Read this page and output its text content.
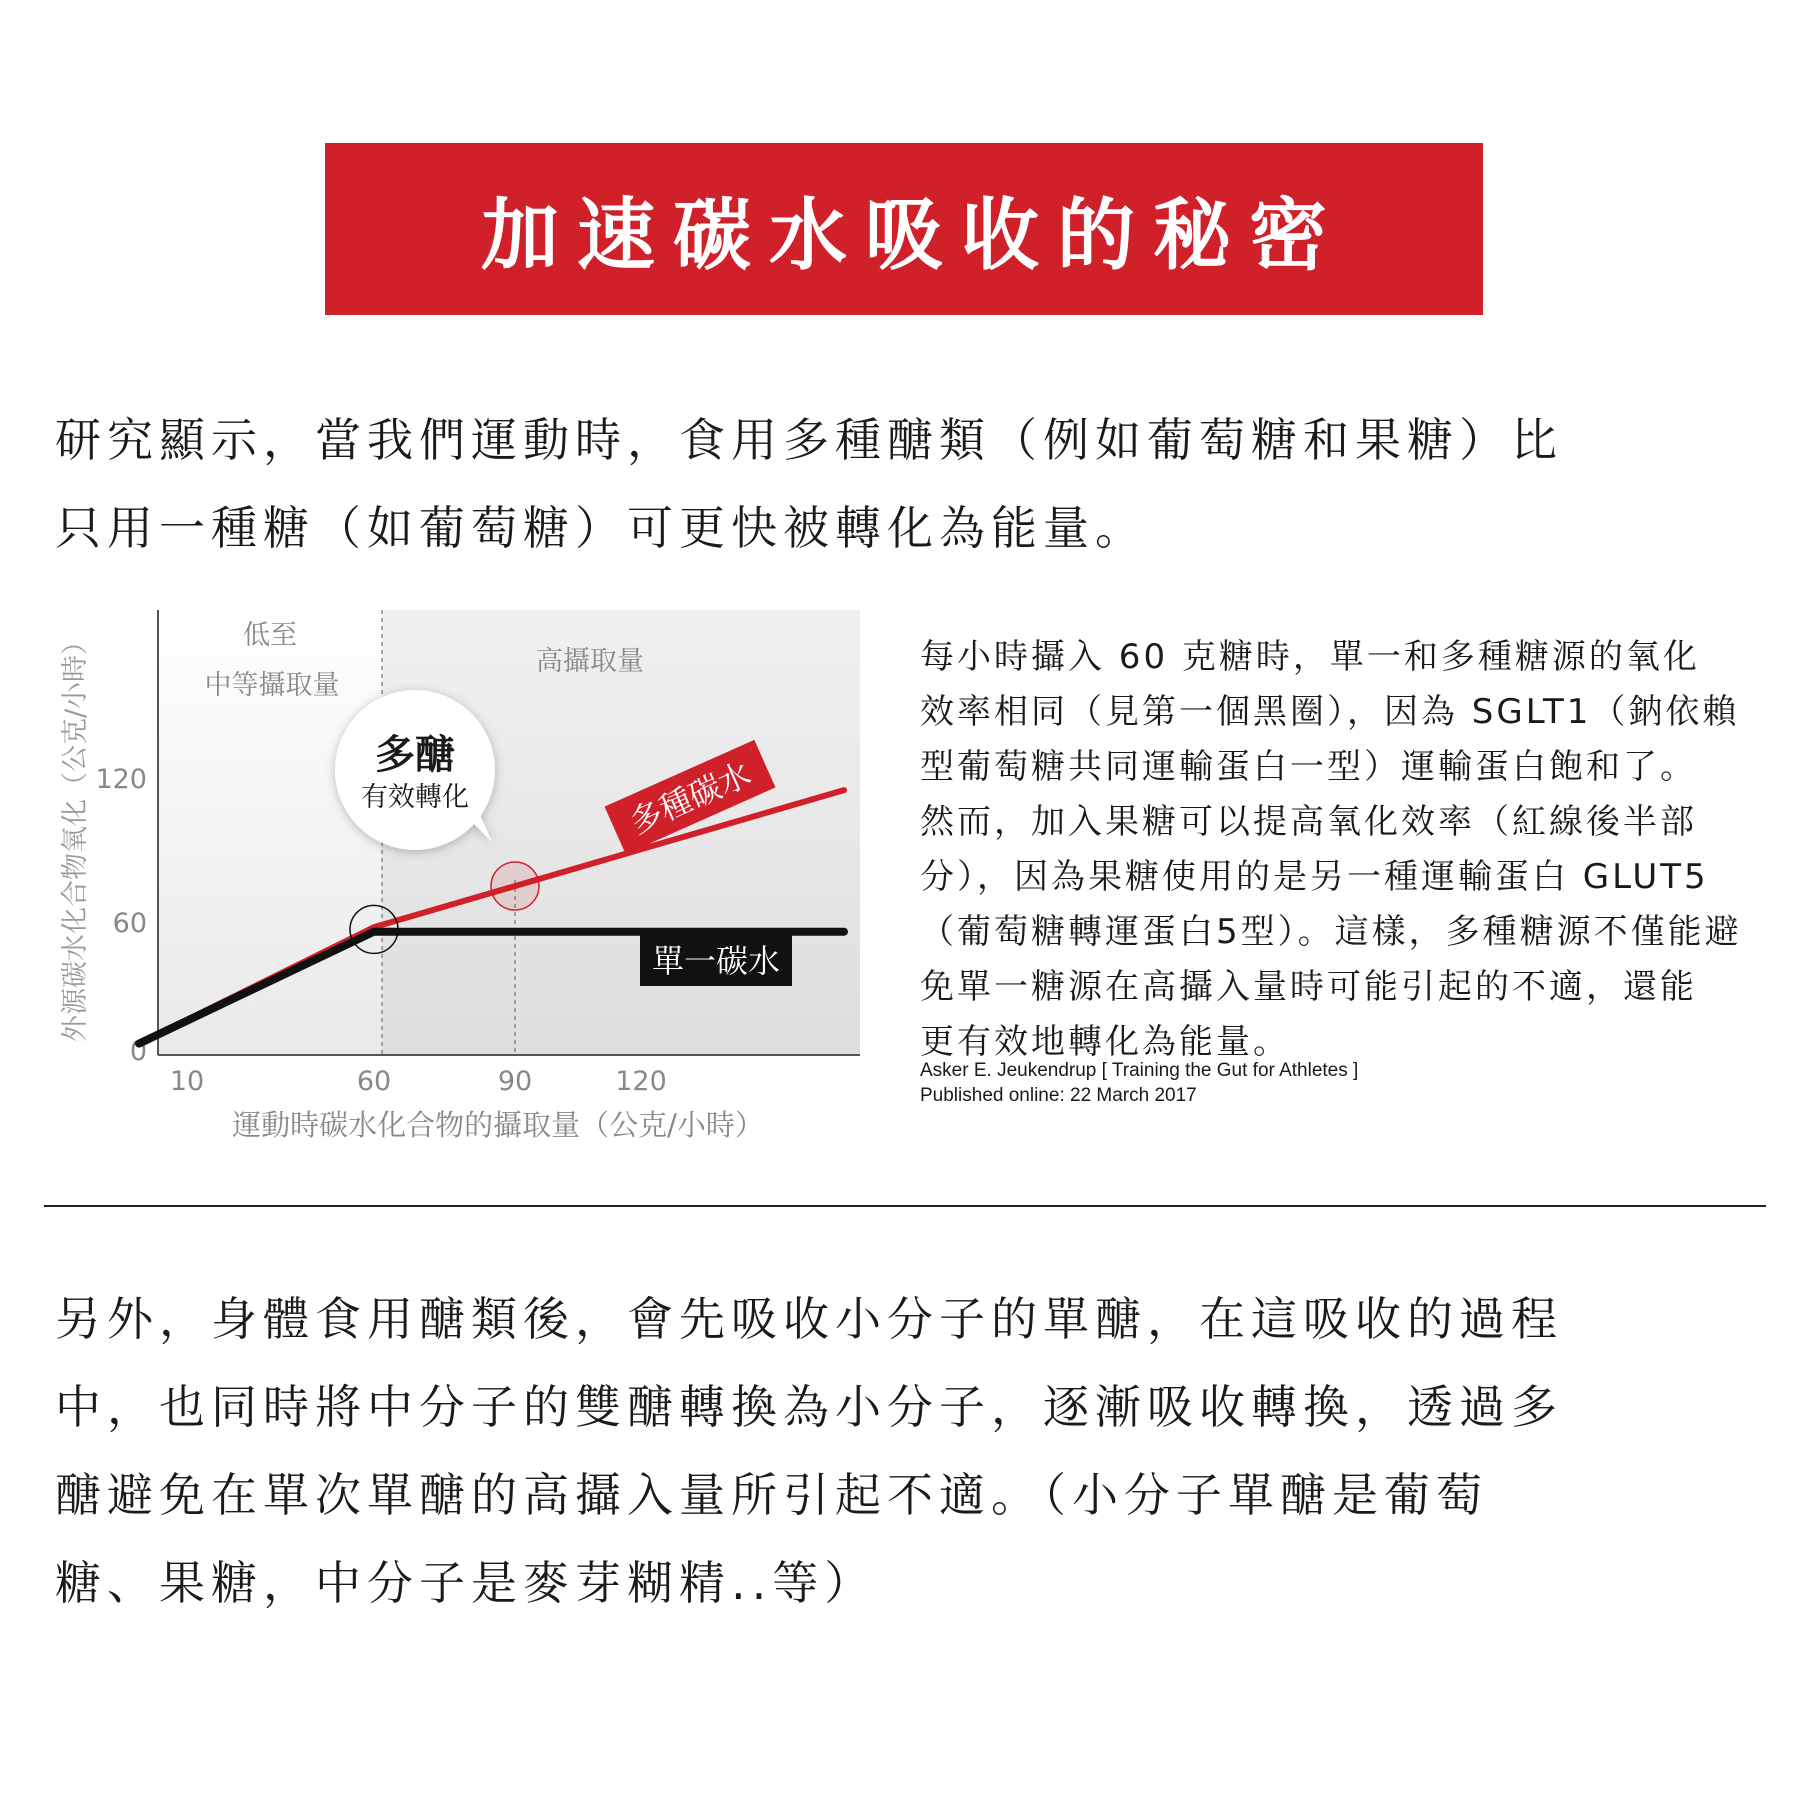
加速碳水吸收的秘密
研究顯示，當我們運動時，食用多種醣類（例如葡萄糖和果糖）比
只用一種糖（如葡萄糖）可更快被轉化為能量。
低至
中等攝取量
高攝取量
外源碳水化合物氧化（公克/小時）
運動時碳水化合物的攝取量（公克/小時）
0
60
120
10	60	90	120
多種碳水
單一碳水
多醣
有效轉化
每小時攝入 60 克糖時，單一和多種糖源的氧化
效率相同（見第一個黑圈），因為 SGLT1（鈉依賴
型葡萄糖共同運輸蛋白一型）運輸蛋白飽和了。
然而，加入果糖可以提高氧化效率（紅線後半部
分），因為果糖使用的是另一種運輸蛋白 GLUT5
（葡萄糖轉運蛋白5型）。這樣，多種糖源不僅能避
免單一糖源在高攝入量時可能引起的不適，還能
更有效地轉化為能量。
Asker E. Jeukendrup [ Training the Gut for Athletes ]
Published online: 22 March 2017
另外，身體食用醣類後，會先吸收小分子的單醣，在這吸收的過程
中，也同時將中分子的雙醣轉換為小分子，逐漸吸收轉換，透過多
醣避免在單次單醣的高攝入量所引起不適。（小分子單醣是葡萄
糖、果糖，中分子是麥芽糊精..等）
